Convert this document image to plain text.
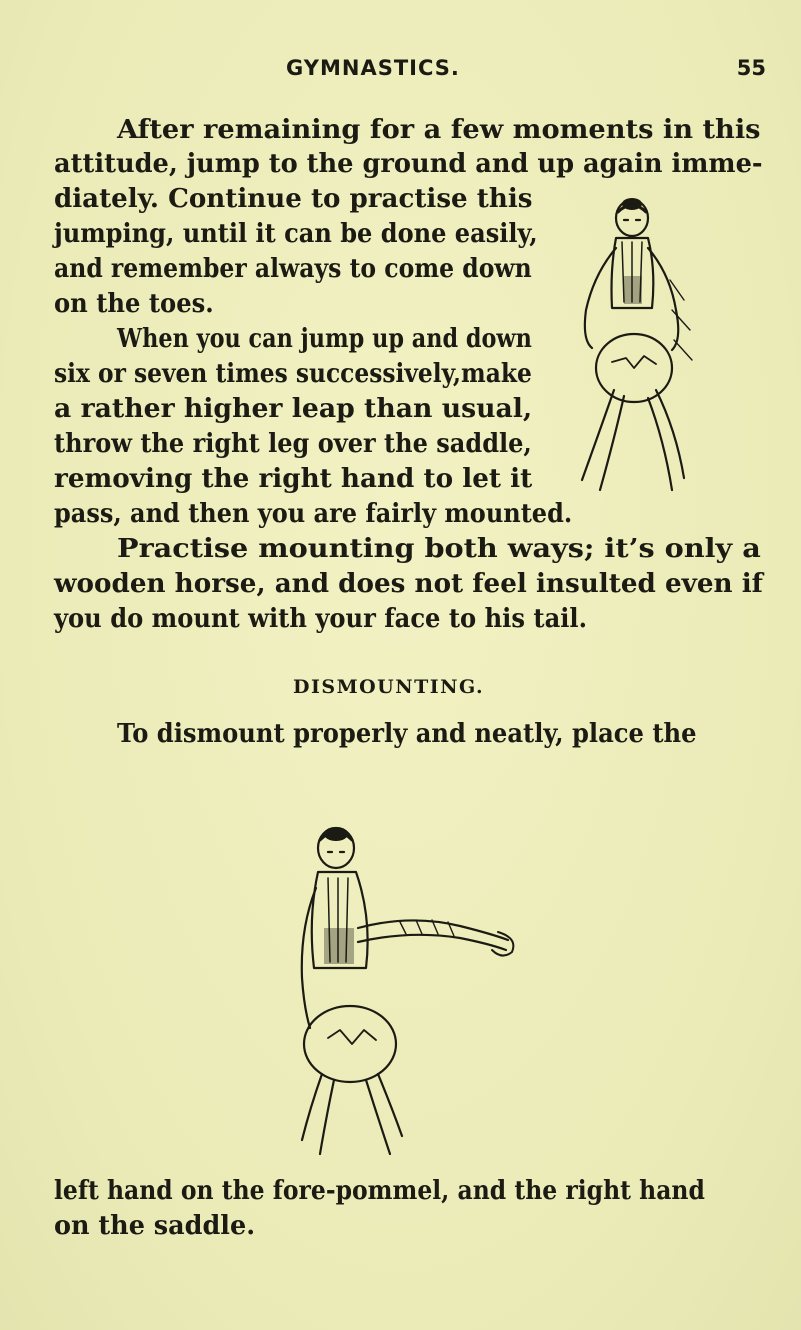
GYMNASTICS.	55
After remaining for a few moments in this
attitude, jump to the ground and up again imme-
diately. Continue to practise this
jumping, until it can be done easily,
and remember always to come down
on the toes.
When you can jump up and down
six or seven times successively,make
a rather higher leap than usual,
throw the right leg over the saddle,
removing the right hand to let it
pass, and then you are fairly mounted.
Practise mounting both ways; it’s only a
wooden horse, and does not feel insulted even if
you do mount with your face to his tail.
DISMOUNTING.
To dismount properly and neatly, place the
left hand on the fore-pommel, and the right hand
on the saddle.
